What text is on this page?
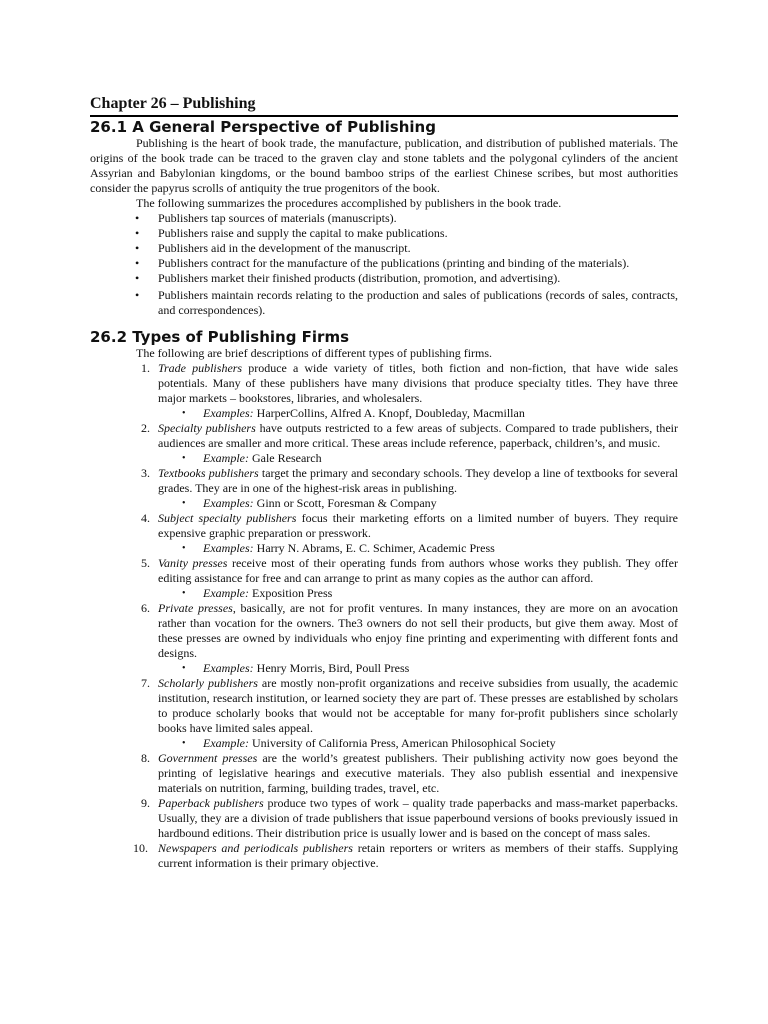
Chapter 26 – Publishing
26.1 A General Perspective of Publishing

Publishing is the heart of book trade, the manufacture, publication, and distribution of published materials. The origins of the book trade can be traced to the graven clay and stone tablets and the polygonal cylinders of the ancient Assyrian and Babylonian kingdoms, or the bound bamboo strips of the earliest Chinese scribes, but most authorities consider the papyrus scrolls of antiquity the true progenitors of the book.

The following summarizes the procedures accomplished by publishers in the book trade.

• Publishers tap sources of materials (manuscripts).
• Publishers raise and supply the capital to make publications.
• Publishers aid in the development of the manuscript.
• Publishers contract for the manufacture of the publications (printing and binding of the materials).
• Publishers market their finished products (distribution, promotion, and advertising).
• Publishers maintain records relating to the production and sales of publications (records of sales, contracts, and correspondences).
26.2 Types of Publishing Firms

The following are brief descriptions of different types of publishing firms.

1. Trade publishers produce a wide variety of titles, both fiction and non-fiction, that have wide sales potentials. Many of these publishers have many divisions that produce specialty titles. They have three major markets – bookstores, libraries, and wholesalers.
• Examples: HarperCollins, Alfred A. Knopf, Doubleday, Macmillan
2. Specialty publishers have outputs restricted to a few areas of subjects. Compared to trade publishers, their audiences are smaller and more critical. These areas include reference, paperback, children’s, and music.
• Example: Gale Research
3. Textbooks publishers target the primary and secondary schools. They develop a line of textbooks for several grades. They are in one of the highest-risk areas in publishing.
• Examples: Ginn or Scott, Foresman & Company
4. Subject specialty publishers focus their marketing efforts on a limited number of buyers. They require expensive graphic preparation or presswork.
• Examples: Harry N. Abrams, E. C. Schimer, Academic Press
5. Vanity presses receive most of their operating funds from authors whose works they publish. They offer editing assistance for free and can arrange to print as many copies as the author can afford.
• Example: Exposition Press
6. Private presses, basically, are not for profit ventures. In many instances, they are more on an avocation rather than vocation for the owners. The3 owners do not sell their products, but give them away. Most of these presses are owned by individuals who enjoy fine printing and experimenting with different fonts and designs.
• Examples: Henry Morris, Bird, Poull Press
7. Scholarly publishers are mostly non-profit organizations and receive subsidies from usually, the academic institution, research institution, or learned society they are part of. These presses are established by scholars to produce scholarly books that would not be acceptable for many for-profit publishers since scholarly books have limited sales appeal.
• Example: University of California Press, American Philosophical Society
8. Government presses are the world’s greatest publishers. Their publishing activity now goes beyond the printing of legislative hearings and executive materials. They also publish essential and inexpensive materials on nutrition, farming, building trades, travel, etc.
9. Paperback publishers produce two types of work – quality trade paperbacks and mass-market paperbacks. Usually, they are a division of trade publishers that issue paperbound versions of books previously issued in hardbound editions. Their distribution price is usually lower and is based on the concept of mass sales.
10. Newspapers and periodicals publishers retain reporters or writers as members of their staffs. Supplying current information is their primary objective.
